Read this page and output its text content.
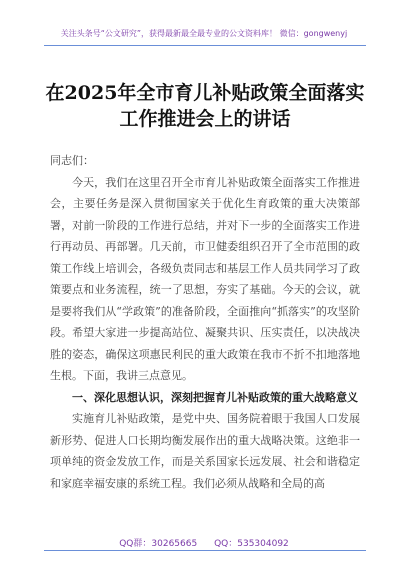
关注头条号“公文研究”，获得最新最全最专业的公文资料库！ 微信：gongwenyj
在2025年全市育儿补贴政策全面落实
工作推进会上的讲话

同志们：

今天，我们在这里召开全市育儿补贴政策全面落实工作推进会，主要任务是深入贯彻国家关于优化生育政策的重大决策部署，对前一阶段的工作进行总结，并对下一步的全面落实工作进行再动员、再部署。几天前，市卫健委组织召开了全市范围的政策工作线上培训会，各级负责同志和基层工作人员共同学习了政策要点和业务流程，统一了思想，夯实了基础。今天的会议，就是要将我们从“学政策”的准备阶段，全面推向“抓落实”的攻坚阶段。希望大家进一步提高站位、凝聚共识、压实责任，以决战决胜的姿态，确保这项惠民利民的重大政策在我市不折不扣地落地生根。下面，我讲三点意见。

一、深化思想认识，深刻把握育儿补贴政策的重大战略意义

实施育儿补贴政策，是党中央、国务院着眼于我国人口发展新形势、促进人口长期均衡发展作出的重大战略决策。这绝非一项单纯的资金发放工作，而是关系国家长远发展、社会和谐稳定和家庭幸福安康的系统工程。我们必须从战略和全局的高

QQ群：30265665 QQ：535304092
